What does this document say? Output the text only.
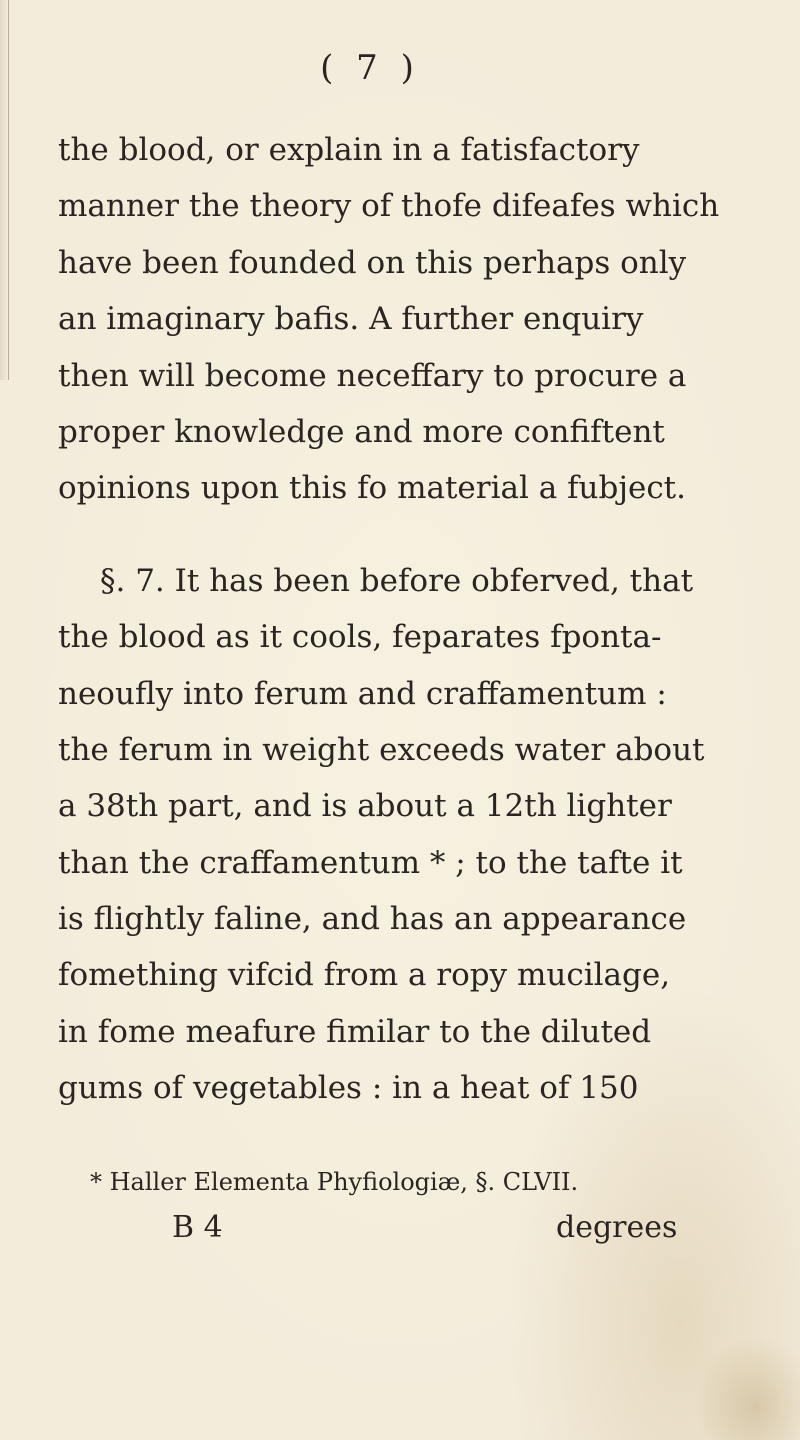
( 7 )
the blood, or explain in a fatisfactory
manner the theory of thofe difeafes which
have been founded on this perhaps only
an imaginary bafis. A further enquiry
then will become neceffary to procure a
proper knowledge and more confiftent
opinions upon this fo material a fubject.
§. 7. It has been before obferved, that
the blood as it cools, feparates fponta-
neoufly into ferum and craffamentum :
the ferum in weight exceeds water about
a 38th part, and is about a 12th lighter
than the craffamentum * ; to the tafte it
is flightly faline, and has an appearance
fomething vifcid from a ropy mucilage,
in fome meafure fimilar to the diluted
gums of vegetables : in a heat of 150
* Haller Elementa Phyfiologiæ, §. CLVII.
B 4	degrees
